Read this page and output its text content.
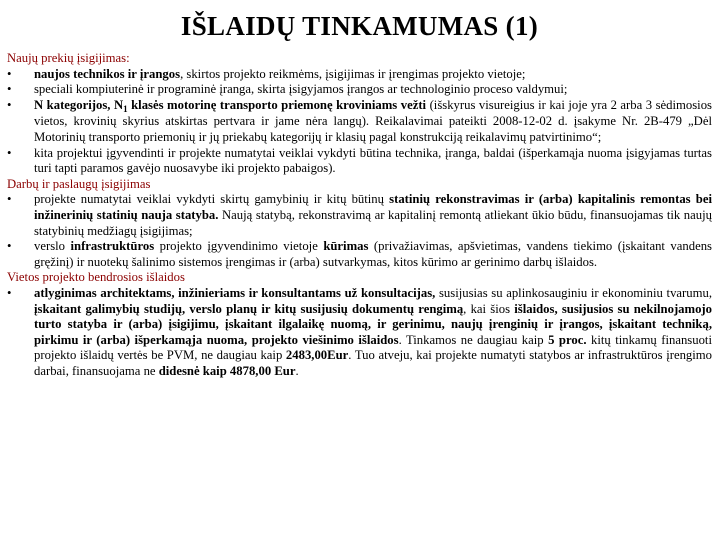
IŠLAIDŲ TINKAMUMAS (1)
Naujų prekių įsigijimas:
•	naujos technikos ir įrangos, skirtos projekto reikmėms, įsigijimas ir įrengimas projekto vietoje;
•	speciali kompiuterinė ir programinė įranga, skirta įsigyjamos įrangos ar technologinio proceso valdymui;
•	N kategorijos, $N_1$ klasės motorinę transporto priemonę kroviniams vežti (išskyrus visureigius ir kai joje yra 2 arba 3 sėdimosios vietos, krovinių skyrius atskirtas pertvara ir jame nėra langų). Reikalavimai pateikti 2008-12-02 d. įsakyme Nr. 2B-479 „Dėl Motorinių transporto priemonių ir jų priekabų kategorijų ir klasių pagal konstrukciją reikalavimų patvirtinimo“;
•	kita projektui įgyvendinti ir projekte numatytai veiklai vykdyti būtina technika, įranga, baldai (išperkamąja nuoma įsigyjamas turtas turi tapti paramos gavėjo nuosavybe iki projekto pabaigos).
Darbų ir paslaugų įsigijimas
•	projekte numatytai veiklai vykdyti skirtų gamybinių ir kitų būtinų statinių rekonstravimas ir (arba) kapitalinis remontas bei inžinerinių statinių nauja statyba. Naują statybą, rekonstravimą ar kapitalinį remontą atliekant ūkio būdu, finansuojamas tik naujų statybinių medžiagų įsigijimas;
•	verslo infrastruktūros projekto įgyvendinimo vietoje kūrimas (privažiavimas, apšvietimas, vandens tiekimo (įskaitant vandens gręžinį) ir nuotekų šalinimo sistemos įrengimas ir (arba) sutvarkymas, kitos kūrimo ar gerinimo darbų išlaidos.
Vietos projekto bendrosios išlaidos
•	atlyginimas architektams, inžinieriams ir konsultantams už konsultacijas, susijusias su aplinkosauginiu ir ekonominiu tvarumu, įskaitant galimybių studijų, verslo planų ir kitų susijusių dokumentų rengimą, kai šios išlaidos, susijusios su nekilnojamojo turto statyba ir (arba) įsigijimu, įskaitant ilgalaikę nuomą, ir gerinimu, naujų įrenginių ir įrangos, įskaitant techniką, pirkimu ir (arba) išperkamąja nuoma, projekto viešinimo išlaidos. Tinkamos ne daugiau kaip 5 proc. kitų tinkamų finansuoti projekto išlaidų vertės be PVM, ne daugiau kaip 2483,00Eur. Tuo atveju, kai projekte numatyti statybos ar infrastruktūros įrengimo darbai, finansuojama ne didesnė kaip 4878,00 Eur.
